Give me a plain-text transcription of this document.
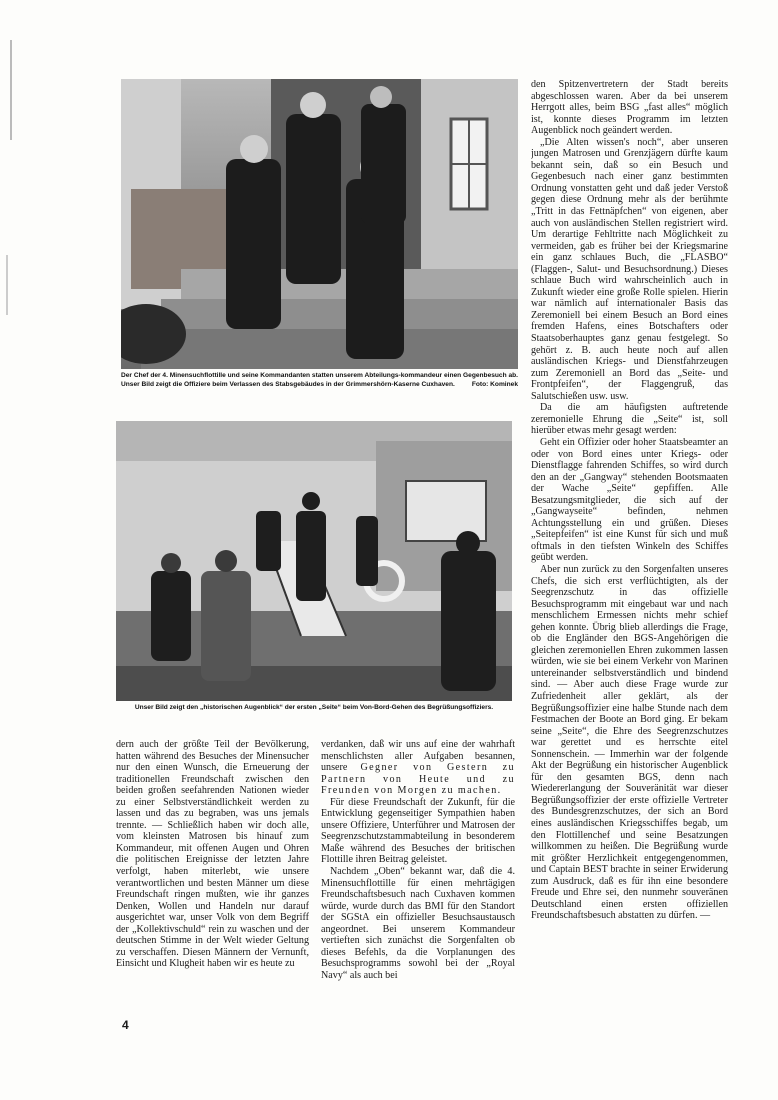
Der Chef der 4. Minensuchflottille und seine Kommandanten statten unserem Abteilungs-kommandeur einen Gegenbesuch ab. Unser Bild zeigt die Offiziere beim Verlassen des Stabsgebäudes in der Grimmershörn-Kaserne Cuxhaven.	Foto: Kominek
Unser Bild zeigt den „historischen Augenblick“ der ersten „Seite“ beim Von-Bord-Gehen des Begrüßungsoffiziers.

dern auch der größte Teil der Bevölkerung, hatten während des Besuches der Minensucher nur den einen Wunsch, die Erneuerung der traditionellen Freundschaft zwischen den beiden großen seefahrenden Nationen wieder zu einer Selbstverständlichkeit werden zu lassen und das zu begraben, was uns jemals trennte. — Schließlich haben wir doch alle, vom kleinsten Matrosen bis hinauf zum Kommandeur, mit offenen Augen und Ohren die politischen Ereignisse der letzten Jahre verfolgt, haben miterlebt, wie unsere verantwortlichen und besten Männer um diese Freundschaft ringen mußten, wie ihr ganzes Denken, Wollen und Handeln nur darauf ausgerichtet war, unser Volk von dem Begriff der „Kollektivschuld“ rein zu waschen und der deutschen Stimme in der Welt wieder Geltung zu verschaffen. Diesen Männern der Vernunft, Einsicht und Klugheit haben wir es heute zu

verdanken, daß wir uns auf eine der wahrhaft menschlichsten aller Aufgaben besannen, unsere Gegner von Gestern zu Partnern von Heute und zu Freunden von Morgen zu machen.

Für diese Freundschaft der Zukunft, für die Entwicklung gegenseitiger Sympathien haben unsere Offiziere, Unterführer und Matrosen der Seegrenzschutzstammabteilung in besonderem Maße während des Besuches der britischen Flottille ihren Beitrag geleistet.

Nachdem „Oben“ bekannt war, daß die 4. Minensuchflottille für einen mehrtägigen Freundschaftsbesuch nach Cuxhaven kommen würde, wurde durch das BMI für den Standort der SGStA ein offizieller Besuchsaustausch angeordnet. Bei unserem Kommandeur vertieften sich zunächst die Sorgenfalten ob dieses Befehls, da die Vorplanungen des Besuchsprogramms sowohl bei der „Royal Navy“ als auch bei

den Spitzenvertretern der Stadt bereits abgeschlossen waren. Aber da bei unserem Herrgott alles, beim BSG „fast alles“ möglich ist, konnte dieses Programm im letzten Augenblick noch geändert werden.

„Die Alten wissen's noch“, aber unseren jungen Matrosen und Grenzjägern dürfte kaum bekannt sein, daß so ein Besuch und Gegenbesuch nach einer ganz bestimmten Ordnung vonstatten geht und daß jeder Verstoß gegen diese Ordnung mehr als der berühmte „Tritt in das Fettnäpfchen“ von eigenen, aber auch von ausländischen Stellen registriert wird. Um derartige Fehltritte nach Möglichkeit zu vermeiden, gab es früher bei der Kriegsmarine ein ganz schlaues Buch, die „FLASBO“ (Flaggen-, Salut- und Besuchsordnung.) Dieses schlaue Buch wird wahrscheinlich auch in Zukunft wieder eine große Rolle spielen. Hierin war nämlich auf internationaler Basis das Zeremoniell bei einem Besuch an Bord eines fremden Hafens, eines Botschafters oder Staatsoberhauptes ganz genau festgelegt. So gehört z. B. auch heute noch auf allen ausländischen Kriegs- und Dienstfahrzeugen zum Zeremoniell an Bord das „Seite- und Frontpfeifen“, der Flaggengruß, das Salutschießen usw. usw.

Da die am häufigsten auftretende zeremonielle Ehrung die „Seite“ ist, soll hierüber etwas mehr gesagt werden:

Geht ein Offizier oder hoher Staatsbeamter an oder von Bord eines unter Kriegs- oder Dienstflagge fahrenden Schiffes, so wird durch den an der „Gangway“ stehenden Bootsmaaten der Wache „Seite“ gepfiffen. Alle Besatzungsmitglieder, die sich auf der „Gangwayseite“ befinden, nehmen Achtungsstellung ein und grüßen. Dieses „Seitepfeifen“ ist eine Kunst für sich und muß oftmals in den tiefsten Winkeln des Schiffes geübt werden.

Aber nun zurück zu den Sorgenfalten unseres Chefs, die sich erst verflüchtigten, als der Seegrenzschutz in das offizielle Besuchsprogramm mit eingebaut war und nach menschlichem Ermessen nichts mehr schief gehen konnte. Übrig blieb allerdings die Frage, ob die Engländer den BGS-Angehörigen die gleichen zeremoniellen Ehren zukommen lassen würden, wie sie bei einem Verkehr von Marinen untereinander selbstverständlich und bindend sind. — Aber auch diese Frage wurde zur Zufriedenheit aller geklärt, als der Begrüßungsoffizier eine halbe Stunde nach dem Festmachen der Boote an Bord ging. Er bekam seine „Seite“, die Ehre des Seegrenzschutzes war gerettet und es herrschte eitel Sonnenschein. — Immerhin war der folgende Akt der Begrüßung ein historischer Augenblick für den gesamten BGS, denn nach Wiedererlangung der Souveränität war dieser Begrüßungsoffizier der erste offizielle Vertreter des Bundesgrenzschutzes, der sich an Bord eines ausländischen Kriegsschiffes begab, um den Flottillenchef und seine Besatzungen willkommen zu heißen. Die Begrüßung wurde mit größter Herzlichkeit entgegengenommen, und Captain BEST brachte in seiner Erwiderung zum Ausdruck, daß es für ihn eine besondere Freude und Ehre sei, den nunmehr souveränen Deutschland einen ersten offiziellen Freundschaftsbesuch abstatten zu dürfen. —

4
